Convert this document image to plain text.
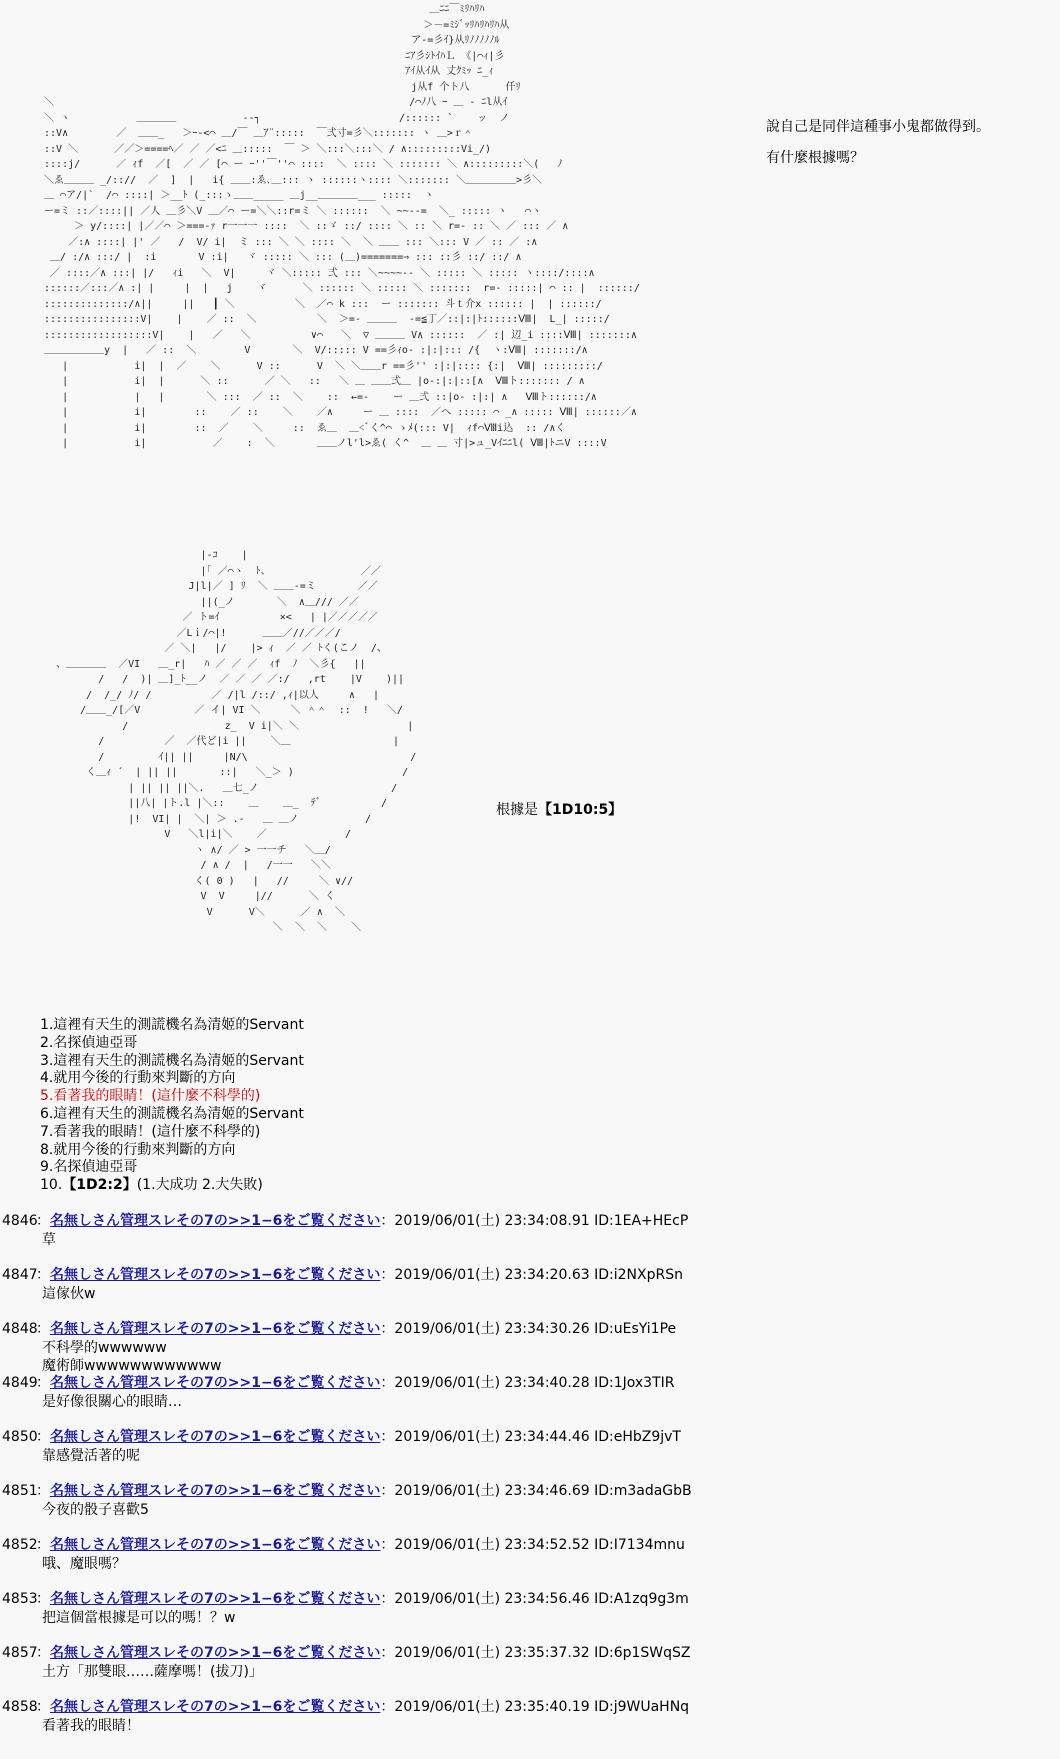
＿ﾆﾆ￣ﾐﾘﾊﾘﾊ
＞－=ﾐｼﾞｯﾘﾊﾘﾊﾘﾊ从
ア-=彡ｲ}从ﾘﾉﾉﾉﾉﾉﾙ
ﾆｱ彡ｼﾄｲﾊＬ 《|⌒ｨ|彡
ｱｲ从ｲ从 丈ｸﾐｯ ﾆ_ｨ
j从f 个ト八      仟ﾘ
＼                                                           /⌒ﾉ八 ｰ ＿ - ﾆl从ｲ
＼ ヽ           ＿＿＿＿           -‐┐                       /:::::: `    ッ  ノ
::V∧        ／  ＿＿_   ＞ｰ-<⌒ ＿/￣ ＿ｱ¨:::::  ￣弍寸=彡＼::::::: ヽ ＿>ｒ＾
::V ＼      ／／＞====ﾍ／ ／ ／<ﾆ ＿:::::  ￣ ＞ ＼:::＼:::＼ / ∧:::::::::Vi_/)
::::j/      ／ ｨf  ／[  ／ ／ [⌒ ー ｰ''￣''⌒ ::::  ＼ :::: ＼ ::::::: ＼ ∧:::::::::＼(   ﾉ
＼ゑ＿＿＿ _/:://  ／  ]  |   i{ ＿＿:ゑ､＿::: ヽ ::::::ヽ:::: ＼::::::: ＼＿＿＿＿＿>彡＼
＿ ⌒ア/|`  /⌒ ::::| ＞__ﾄ (_:::ゝ＿＿_____ ＿j__＿＿＿＿___ :::::  ヽ
ー=ミ ::／::::|| ／人 ＿彡＼V ＿／⌒ ー=＼＼::r=ミ ＼ ::::::  ＼ ~~--=  ＼_ ::::: ヽ   ⌒ヽ
＞ y/::::| |／／⌒ ＞===-ｧ r一一一 ::::  ＼ ::ゞ ::/ :::: ＼ :: ＼ r=- :: ＼ ／ ::: ／ ∧
／:∧ ::::| |' ／   /  V/ i|  ミ ::: ＼ ＼ :::: ＼  ＼ ＿＿ ::: ＼::: V ／ :: ／ :∧
＿/ :/∧ :::/ |  :i       V :i|   ヾ ::::: ＼ ::: (＿)=======⇒ ::: ::彡 ::/ ::/ ∧
／ ::::／∧ :::| |/   ｨi   ＼  V|     ヾ ＼::::: 弍 ::: ＼~~~~-- ＼ ::::: ＼ ::::: ヽ::::/::::∧
::::::／:::／∧ :| |     |  |   j    ヾ      ＼ :::::: ＼ ::::: ＼ :::::::  r=- :::::| ⌒ :: |  ::::::/
::::::::::::::/∧||     ||   ┃ ＼          ＼  ／⌒ k :::  ー ::::::: 斗ｔ介x :::::: |  | ::::::/
::::::::::::::::V|    |    ／ ::  ＼          ＼  ＞=- ＿＿＿  -=≦丁／::|:|ﾄ::::::Ⅷ|  L_| :::::/
::::::::::::::::::V|    |   ／   ＼          ∨⌒   ＼  ▽ ＿＿＿ V∧ ::::::  ／ :| 辺_i ::::Ⅷ| :::::::∧
＿＿＿＿＿＿y  |   ／ ::  ＼        V       ＼  V/::::: V ==彡ｨo- :|:|::: /{  ヽ:Ⅷ| :::::::/∧
|           i|  |  ／    ＼      V ::      V  ＼ ＼＿＿r ==彡'' :|:|:::: {:|  Ⅷ| :::::::::/
|           i|  |      ＼ ::      ／ ＼   ::   ＼ ＿ ＿＿弍＿ |o-:|:|::[∧  Ⅷト::::::: / ∧
|           |   |       ＼ :::  ／ ::  ＼    ::  ←=-    ー ＿弍 ::|o- :|:| ∧   Ⅷト::::::/∧
|           i|        ::    ／ ::    ＼    ／∧     ー ＿ ::::  ／へ ::::: ⌒ _∧ ::::: Ⅷ| ::::::／∧
|           i|        ::  ／    ＼     ::  ゑ＿  ＿<ﾞく^⌒ ゝﾒ(::: V|  ｨf⌒Ⅷi込  :: /∧く
|           i|           ／    :  ＼       ＿＿ノl'l>ゑ( く^  ＿ ＿ 寸|>ュ_Vｲﾆﾆl( Ⅷ|ﾄニV ::::V
說自己是同伴這種事小鬼都做得到。
有什麼根據嗎？
|-ｺ    |
|｢ ／⌒ヽ  ﾄ、               ／／
J|l|／ ] ﾘ  ＼ ＿＿-=ミ       ／／
||(_ノ       ＼  ∧＿/// ／／
／ ト=ｲ          ×<   | |／／／／／
／Lｉ/⌒|!      ＿＿／//／／／/
／ ＼|   |/    |> ｨ  ／ ／ ﾄく(こノ  /、
、＿＿＿＿  ／VI   ＿_r|   ﾊ ／ ／ ／  ｨf  ﾉ  ＼彡{   ||
/   /  )| ＿]_ﾄ__ノ  ／ ／ ／ ／:/   ,rt    |V    )||
/  /_/ ﾉ/ /          ／ /|l /::/ ,ｨ|以人     ∧   |
/＿＿_/[／V         ／ イ| VI ＼     ＼ ＾＾  ::  !   ＼/
/                z_  V i|＼ ＼                  |
/          ／  ／代ど|i ||    ＼＿                 |
/         ｲ|| ||     |N/\                           /
く＿ｨ ´  | || ||       ::|   ＼_＞ )                  /
| || || ||＼.   ＿七_ノ                      /
||八| |ト.l |＼::    ＿    ＿_  ﾃﾞ          /
|!  VI| |  ＼| ＞ .-   ＿ ＿ノ           /
V   ＼l|i|＼    ／             /
ヽ ∧/ ／ > 一一チ   ＼＿/
/ ∧ /  |   /一一   ＼＼
く( 0 )   |   //     ＼ ∨//
V  V     |//      ＼ く
V      V＼      ／ ∧  ＼
＼  ＼  ＼    ＼
根據是【1D10:5】
1.這裡有天生的測謊機名為清姬的Servant
2.名探偵迪亞哥
3.這裡有天生的測謊機名為清姬的Servant
4.就用今後的行動來判斷的方向
5.看著我的眼睛！(這什麼不科學的)
6.這裡有天生的測謊機名為清姬的Servant
7.看著我的眼睛！(這什麼不科學的)
8.就用今後的行動來判斷的方向
9.名探偵迪亞哥
10.【1D2:2】(1.大成功 2.大失敗)
4846：名無しさん管理スレその7の>>1−6をご覧ください：2019/06/01(土) 23:34:08.91 ID:1EA+HEcP
草
4847：名無しさん管理スレその7の>>1−6をご覧ください：2019/06/01(土) 23:34:20.63 ID:i2NXpRSn
這傢伙w
4848：名無しさん管理スレその7の>>1−6をご覧ください：2019/06/01(土) 23:34:30.26 ID:uEsYi1Pe
不科學的wwwwww
魔術師wwwwwwwwwwww
4849：名無しさん管理スレその7の>>1−6をご覧ください：2019/06/01(土) 23:34:40.28 ID:1Jox3TIR
是好像很關心的眼睛…
4850：名無しさん管理スレその7の>>1−6をご覧ください：2019/06/01(土) 23:34:44.46 ID:eHbZ9jvT
靠感覺活著的呢
4851：名無しさん管理スレその7の>>1−6をご覧ください：2019/06/01(土) 23:34:46.69 ID:m3adaGbB
今夜的骰子喜歡5
4852：名無しさん管理スレその7の>>1−6をご覧ください：2019/06/01(土) 23:34:52.52 ID:I7134mnu
哦、魔眼嗎？
4853：名無しさん管理スレその7の>>1−6をご覧ください：2019/06/01(土) 23:34:56.46 ID:A1zq9g3m
把這個當根據是可以的嗎！？w
4857：名無しさん管理スレその7の>>1−6をご覧ください：2019/06/01(土) 23:35:37.32 ID:6p1SWqSZ
土方「那雙眼……薩摩嗎！(拔刀)」
4858：名無しさん管理スレその7の>>1−6をご覧ください：2019/06/01(土) 23:35:40.19 ID:j9WUaHNq
看著我的眼睛！
